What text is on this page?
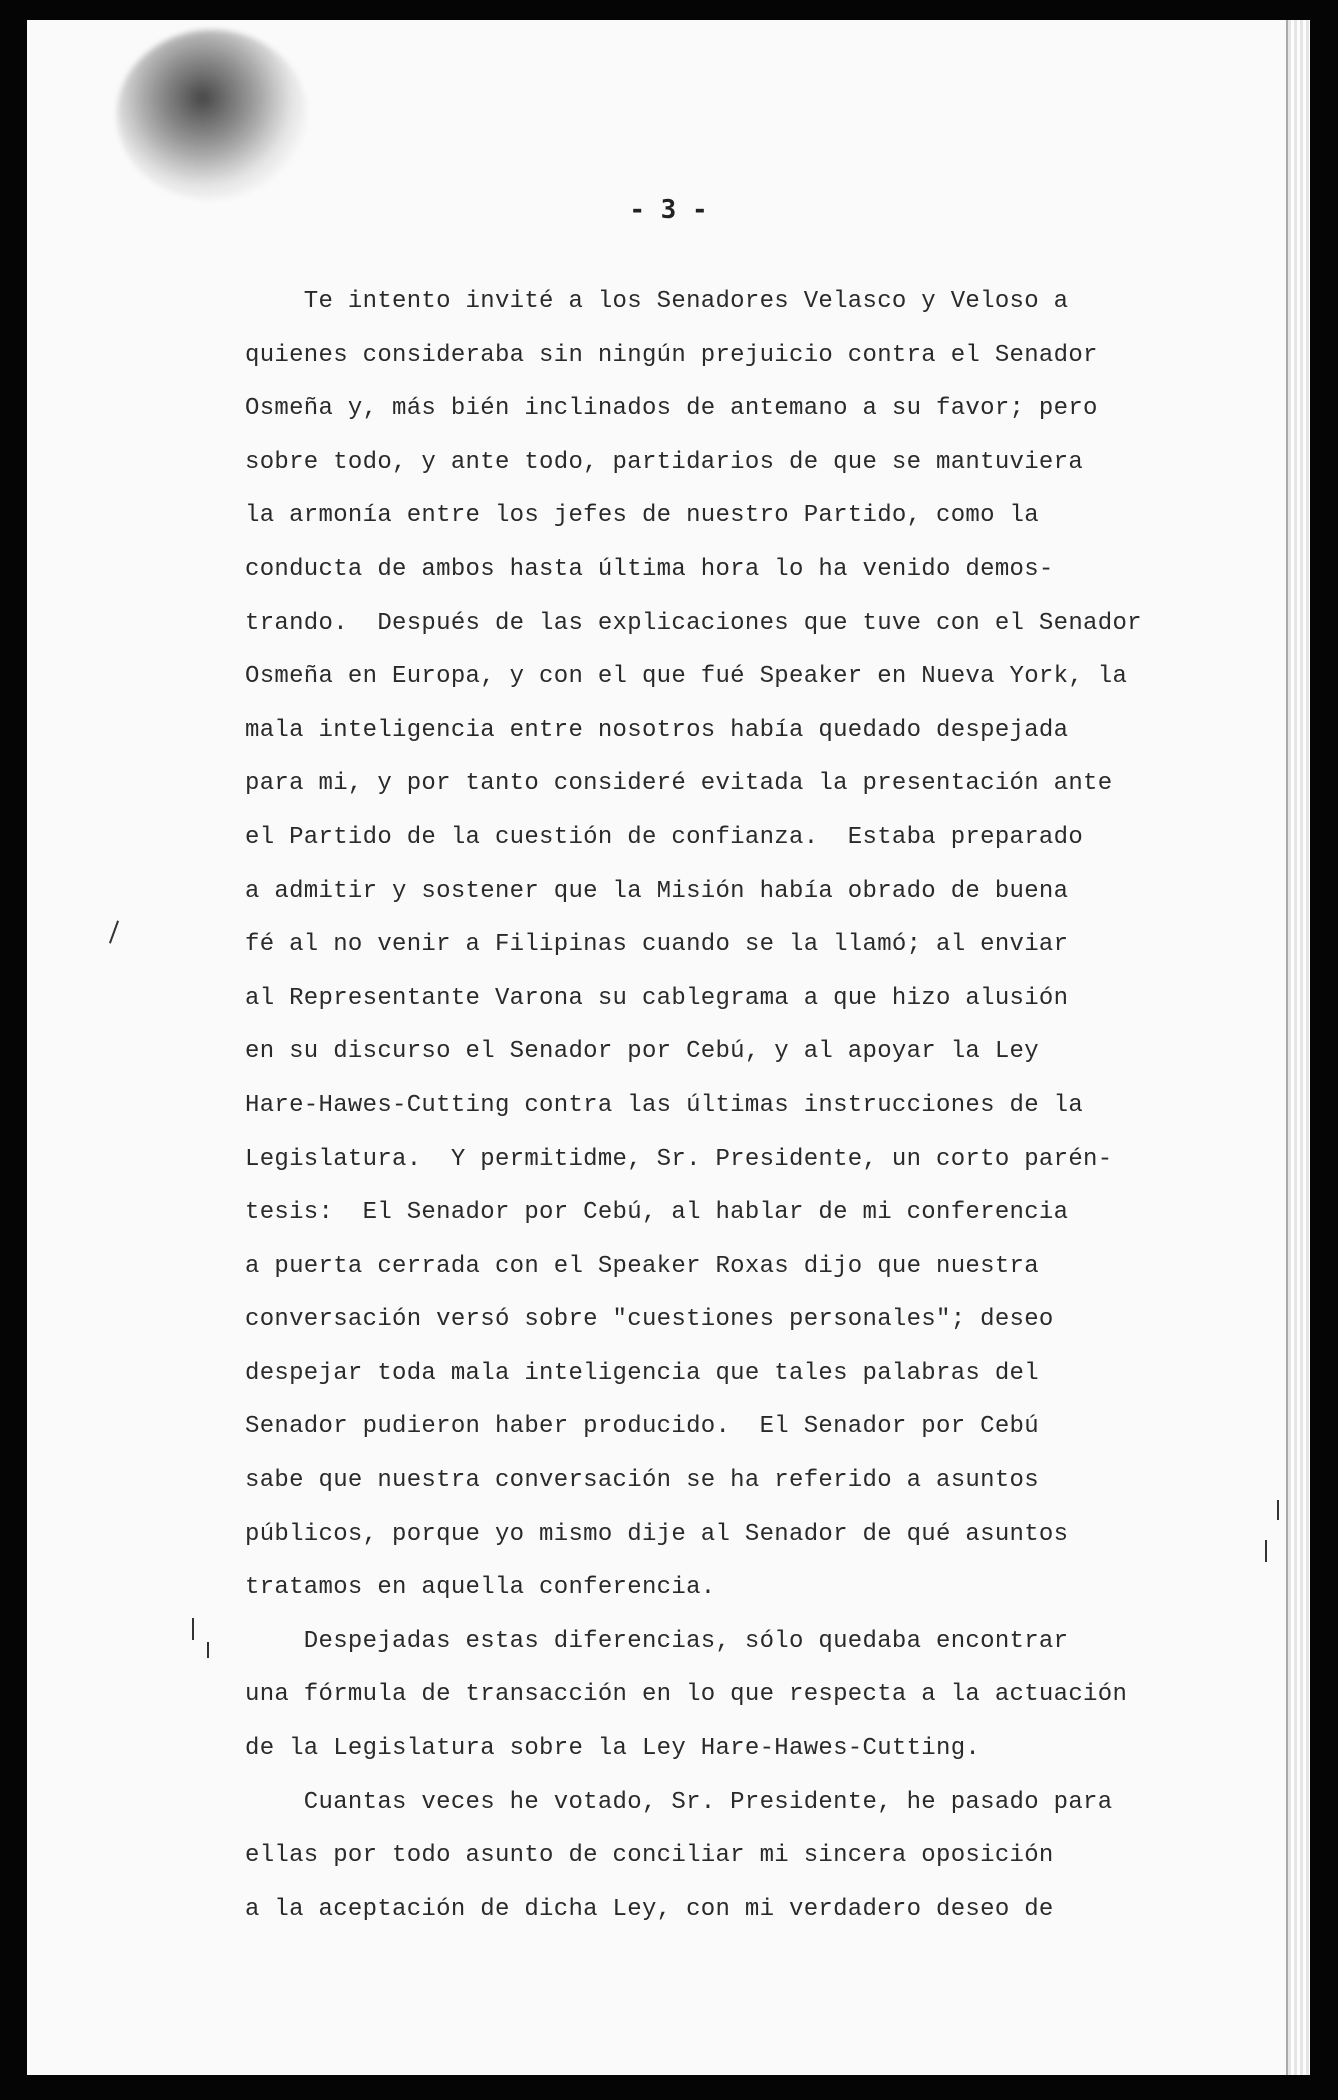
- 3 -
Te intento invité a los Senadores Velasco y Veloso a
quienes consideraba sin ningún prejuicio contra el Senador
Osmeña y, más bién inclinados de antemano a su favor; pero
sobre todo, y ante todo, partidarios de que se mantuviera
la armonía entre los jefes de nuestro Partido, como la
conducta de ambos hasta última hora lo ha venido demos-
trando.  Después de las explicaciones que tuve con el Senador
Osmeña en Europa, y con el que fué Speaker en Nueva York, la
mala inteligencia entre nosotros había quedado despejada
para mi, y por tanto consideré evitada la presentación ante
el Partido de la cuestión de confianza.  Estaba preparado
a admitir y sostener que la Misión había obrado de buena
fé al no venir a Filipinas cuando se la llamó; al enviar
al Representante Varona su cablegrama a que hizo alusión
en su discurso el Senador por Cebú, y al apoyar la Ley
Hare-Hawes-Cutting contra las últimas instrucciones de la
Legislatura.  Y permitidme, Sr. Presidente, un corto parén-
tesis:  El Senador por Cebú, al hablar de mi conferencia
a puerta cerrada con el Speaker Roxas dijo que nuestra
conversación versó sobre "cuestiones personales"; deseo
despejar toda mala inteligencia que tales palabras del
Senador pudieron haber producido.  El Senador por Cebú
sabe que nuestra conversación se ha referido a asuntos
públicos, porque yo mismo dije al Senador de qué asuntos
tratamos en aquella conferencia.
Despejadas estas diferencias, sólo quedaba encontrar
una fórmula de transacción en lo que respecta a la actuación
de la Legislatura sobre la Ley Hare-Hawes-Cutting.
Cuantas veces he votado, Sr. Presidente, he pasado para
ellas por todo asunto de conciliar mi sincera oposición
a la aceptación de dicha Ley, con mi verdadero deseo de
